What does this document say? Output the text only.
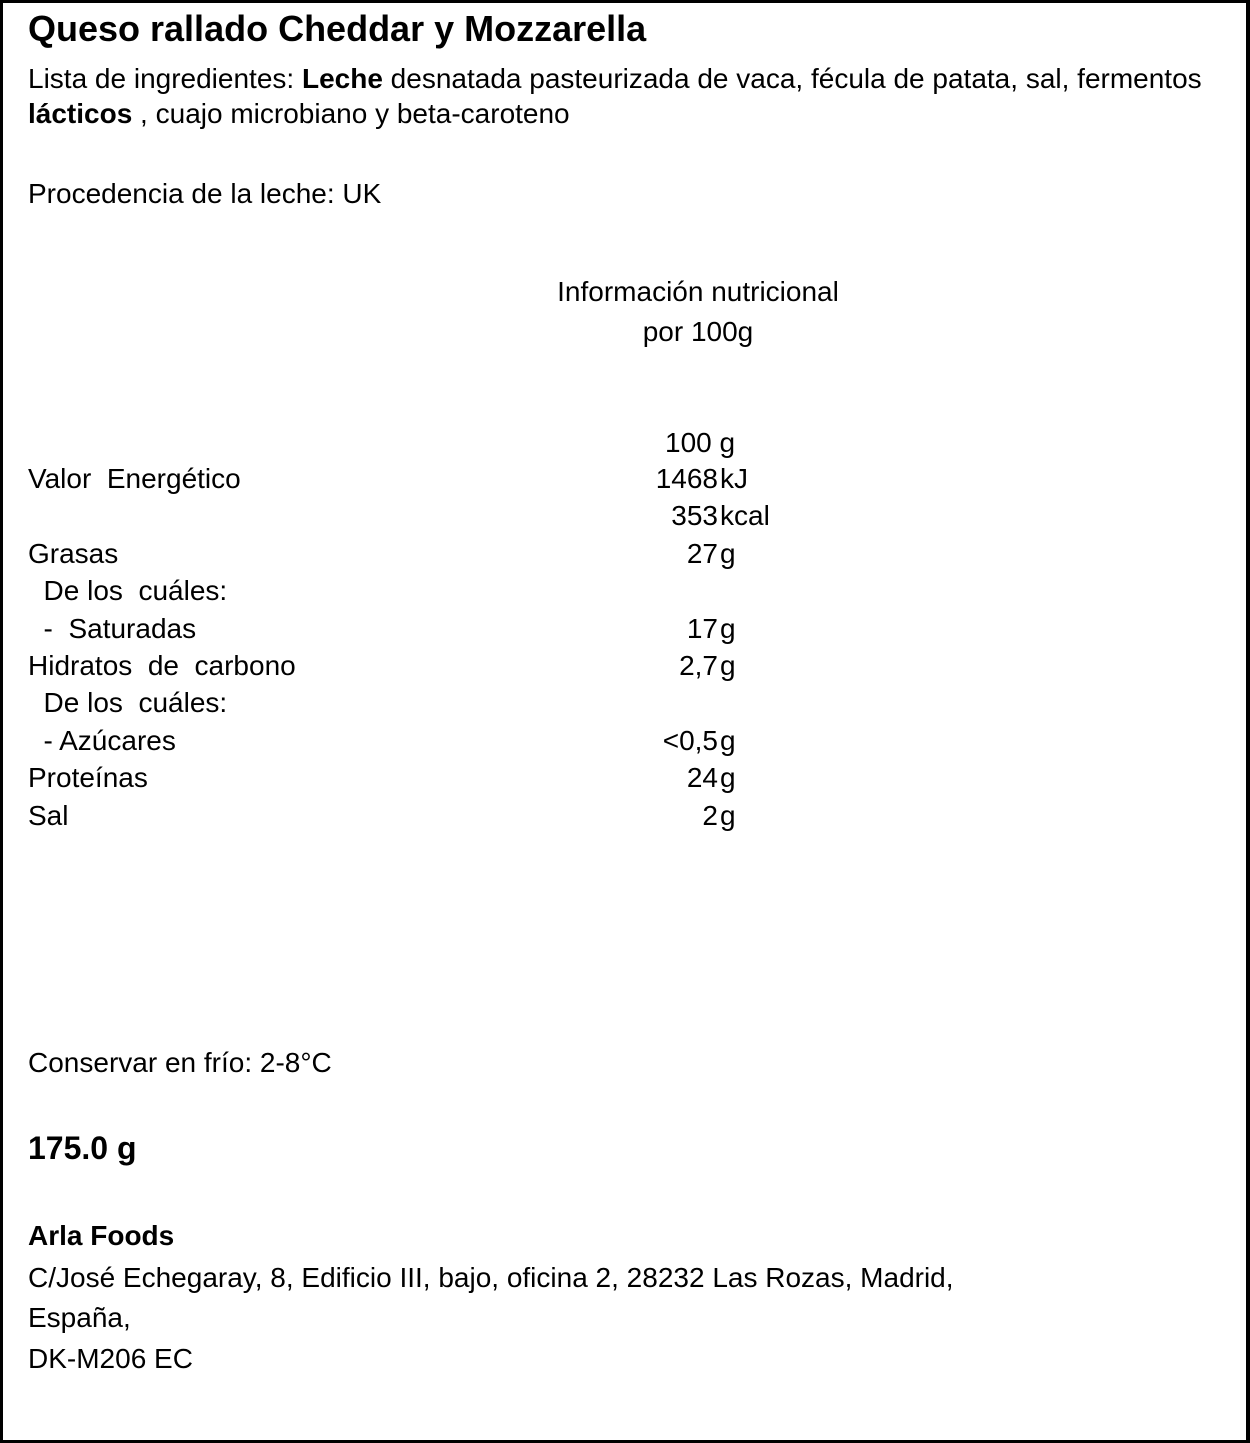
Queso rallado Cheddar y Mozzarella
Lista de ingredientes: Leche desnatada pasteurizada de vaca, fécula de patata, sal, fermentos lácticos , cuajo microbiano y beta-caroteno
Procedencia de la leche: UK
Información nutricional
por 100g
100 g
Valor  Energético	1468 kJ
353 kcal
Grasas	27 g
De los  cuáles:
-  Saturadas	17 g
Hidratos  de  carbono	2,7 g
De los  cuáles:
- Azúcares	<0,5 g
Proteínas	24 g
Sal	2 g
Conservar en frío: 2-8°C
175.0 g
Arla Foods
C/José Echegaray, 8, Edificio III, bajo, oficina 2, 28232 Las Rozas, Madrid,
España,
DK-M206 EC
